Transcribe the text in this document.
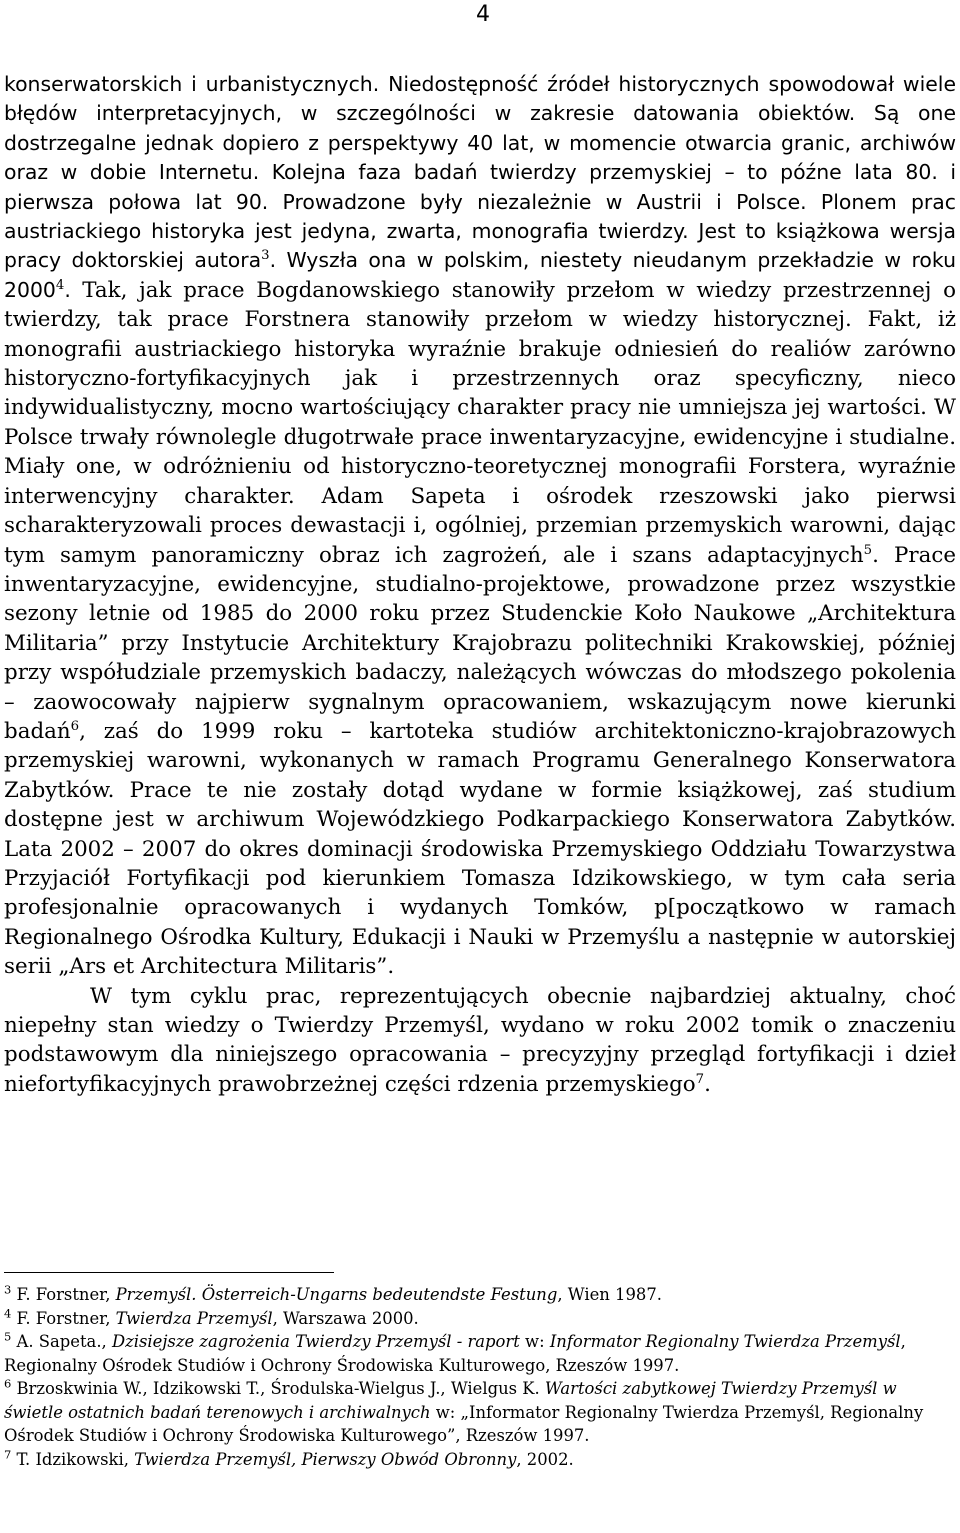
4

konserwatorskich i urbanistycznych. Niedostępność źródeł historycznych spowodował wiele błędów interpretacyjnych, w szczególności w zakresie datowania obiektów. Są one dostrzegalne jednak dopiero z perspektywy 40 lat, w momencie otwarcia granic, archiwów oraz w dobie Internetu. Kolejna faza badań twierdzy przemyskiej – to późne lata 80. i pierwsza połowa lat 90. Prowadzone były niezależnie w Austrii i Polsce. Plonem prac austriackiego historyka jest jedyna, zwarta, monografia twierdzy. Jest to książkowa wersja pracy doktorskiej autora$^3$. Wyszła ona w polskim, niestety nieudanym przekładzie w roku 2000$^4$. Tak, jak prace Bogdanowskiego stanowiły przełom w wiedzy przestrzennej o twierdzy, tak prace Forstnera stanowiły przełom w wiedzy historycznej. Fakt, iż monografii austriackiego historyka wyraźnie brakuje odniesień do realiów zarówno historyczno-fortyfikacyjnych jak i przestrzennych oraz specyficzny, nieco indywidualistyczny, mocno wartościujący charakter pracy nie umniejsza jej wartości. W Polsce trwały równolegle długotrwałe prace inwentaryzacyjne, ewidencyjne i studialne. Miały one, w odróżnieniu od historyczno-teoretycznej monografii Forstera, wyraźnie interwencyjny charakter. Adam Sapeta i ośrodek rzeszowski jako pierwsi scharakteryzowali proces dewastacji i, ogólniej, przemian przemyskich warowni, dając tym samym panoramiczny obraz ich zagrożeń, ale i szans adaptacyjnych$^5$. Prace inwentaryzacyjne, ewidencyjne, studialno-projektowe, prowadzone przez wszystkie sezony letnie od 1985 do 2000 roku przez Studenckie Koło Naukowe „Architektura Militaria” przy Instytucie Architektury Krajobrazu politechniki Krakowskiej, później przy współudziale przemyskich badaczy, należących wówczas do młodszego pokolenia – zaowocowały najpierw sygnalnym opracowaniem, wskazującym nowe kierunki badań$^6$, zaś do 1999 roku – kartoteka studiów architektoniczno-krajobrazowych przemyskiej warowni, wykonanych w ramach Programu Generalnego Konserwatora Zabytków. Prace te nie zostały dotąd wydane w formie książkowej, zaś studium dostępne jest w archiwum Wojewódzkiego Podkarpackiego Konserwatora Zabytków. Lata 2002 – 2007 do okres dominacji środowiska Przemyskiego Oddziału Towarzystwa Przyjaciół Fortyfikacji pod kierunkiem Tomasza Idzikowskiego, w tym cała seria profesjonalnie opracowanych i wydanych Tomków, p[początkowo w ramach Regionalnego Ośrodka Kultury, Edukacji i Nauki w Przemyślu a następnie w autorskiej serii „Ars et Architectura Militaris”.

W tym cyklu prac, reprezentujących obecnie najbardziej aktualny, choć niepełny stan wiedzy o Twierdzy Przemyśl, wydano w roku 2002 tomik o znaczeniu podstawowym dla niniejszego opracowania – precyzyjny przegląd fortyfikacji i dzieł niefortyfikacyjnych prawobrzeżnej części rdzenia przemyskiego$^7$.

$^3$ F. Forstner, Przemyśl. Österreich-Ungarns bedeutendste Festung, Wien 1987.

$^4$ F. Forstner, Twierdza Przemyśl, Warszawa 2000.

$^5$ A. Sapeta., Dzisiejsze zagrożenia Twierdzy Przemyśl - raport w: Informator Regionalny Twierdza Przemyśl, Regionalny Ośrodek Studiów i Ochrony Środowiska Kulturowego, Rzeszów 1997.

$^6$ Brzoskwinia W., Idzikowski T., Środulska-Wielgus J., Wielgus K. Wartości zabytkowej Twierdzy Przemyśl w świetle ostatnich badań terenowych i archiwalnych w: „Informator Regionalny Twierdza Przemyśl, Regionalny Ośrodek Studiów i Ochrony Środowiska Kulturowego”, Rzeszów 1997.

$^7$ T. Idzikowski, Twierdza Przemyśl, Pierwszy Obwód Obronny, 2002.
